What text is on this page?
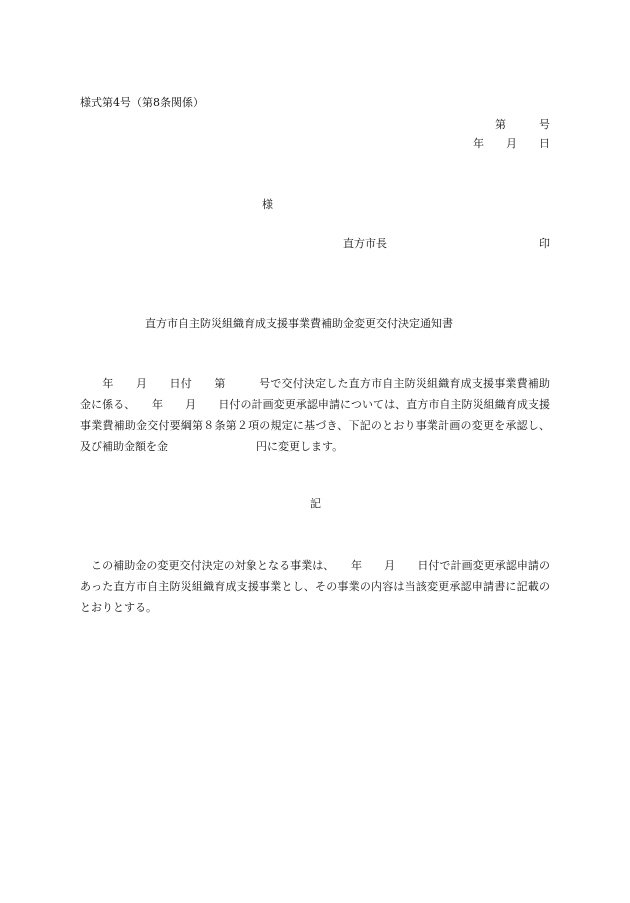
様式第4号（第8条関係）
第　　　号
年　　月　　日
様
直方市長	印
直方市自主防災組織育成支援事業費補助金変更交付決定通知書
　　年　　月　　日付　　第　　　号で交付決定した直方市自主防災組織育成支援事業費補助金に係る、　　年　　月　　日付の計画変更承認申請については、直方市自主防災組織育成支援事業費補助金交付要綱第８条第２項の規定に基づき、下記のとおり事業計画の変更を承認し、及び補助金額を金　　　　　　　　円に変更します。
記
　この補助金の変更交付決定の対象となる事業は、　　年　　月　　日付で計画変更承認申請のあった直方市自主防災組織育成支援事業とし、その事業の内容は当該変更承認申請書に記載のとおりとする。
